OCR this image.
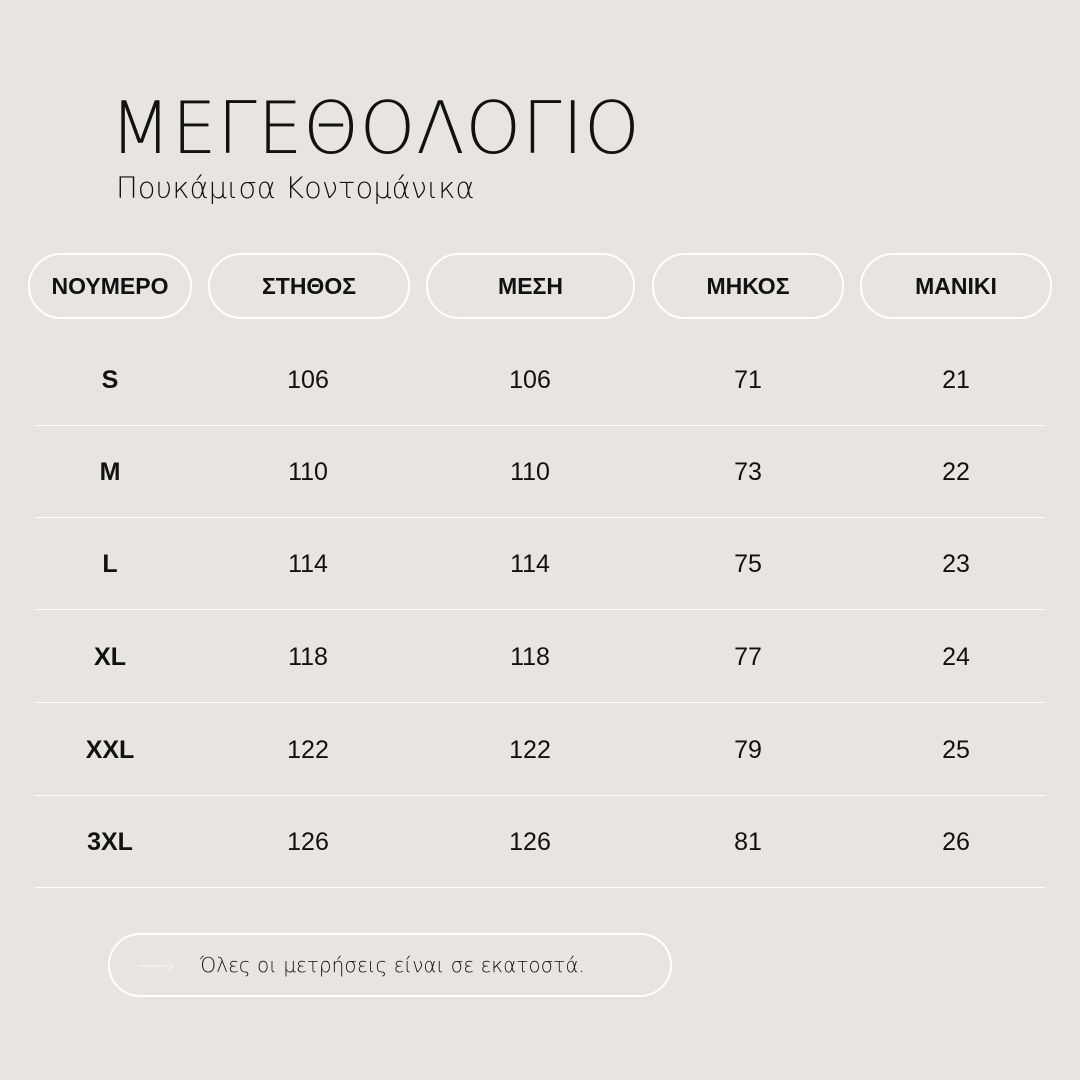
ΜΕΓΕΘΟΛΟΓΙΟ
Πουκάμισα Κοντομάνικα
ΝΟΥΜΕΡΟ	ΣΤΗΘΟΣ	ΜΕΣΗ	ΜΗΚΟΣ	ΜΑΝΙΚΙ
S	106	106	71	21
M	110	110	73	22
L	114	114	75	23
XL	118	118	77	24
XXL	122	122	79	25
3XL	126	126	81	26
Όλες οι μετρήσεις είναι σε εκατοστά.
